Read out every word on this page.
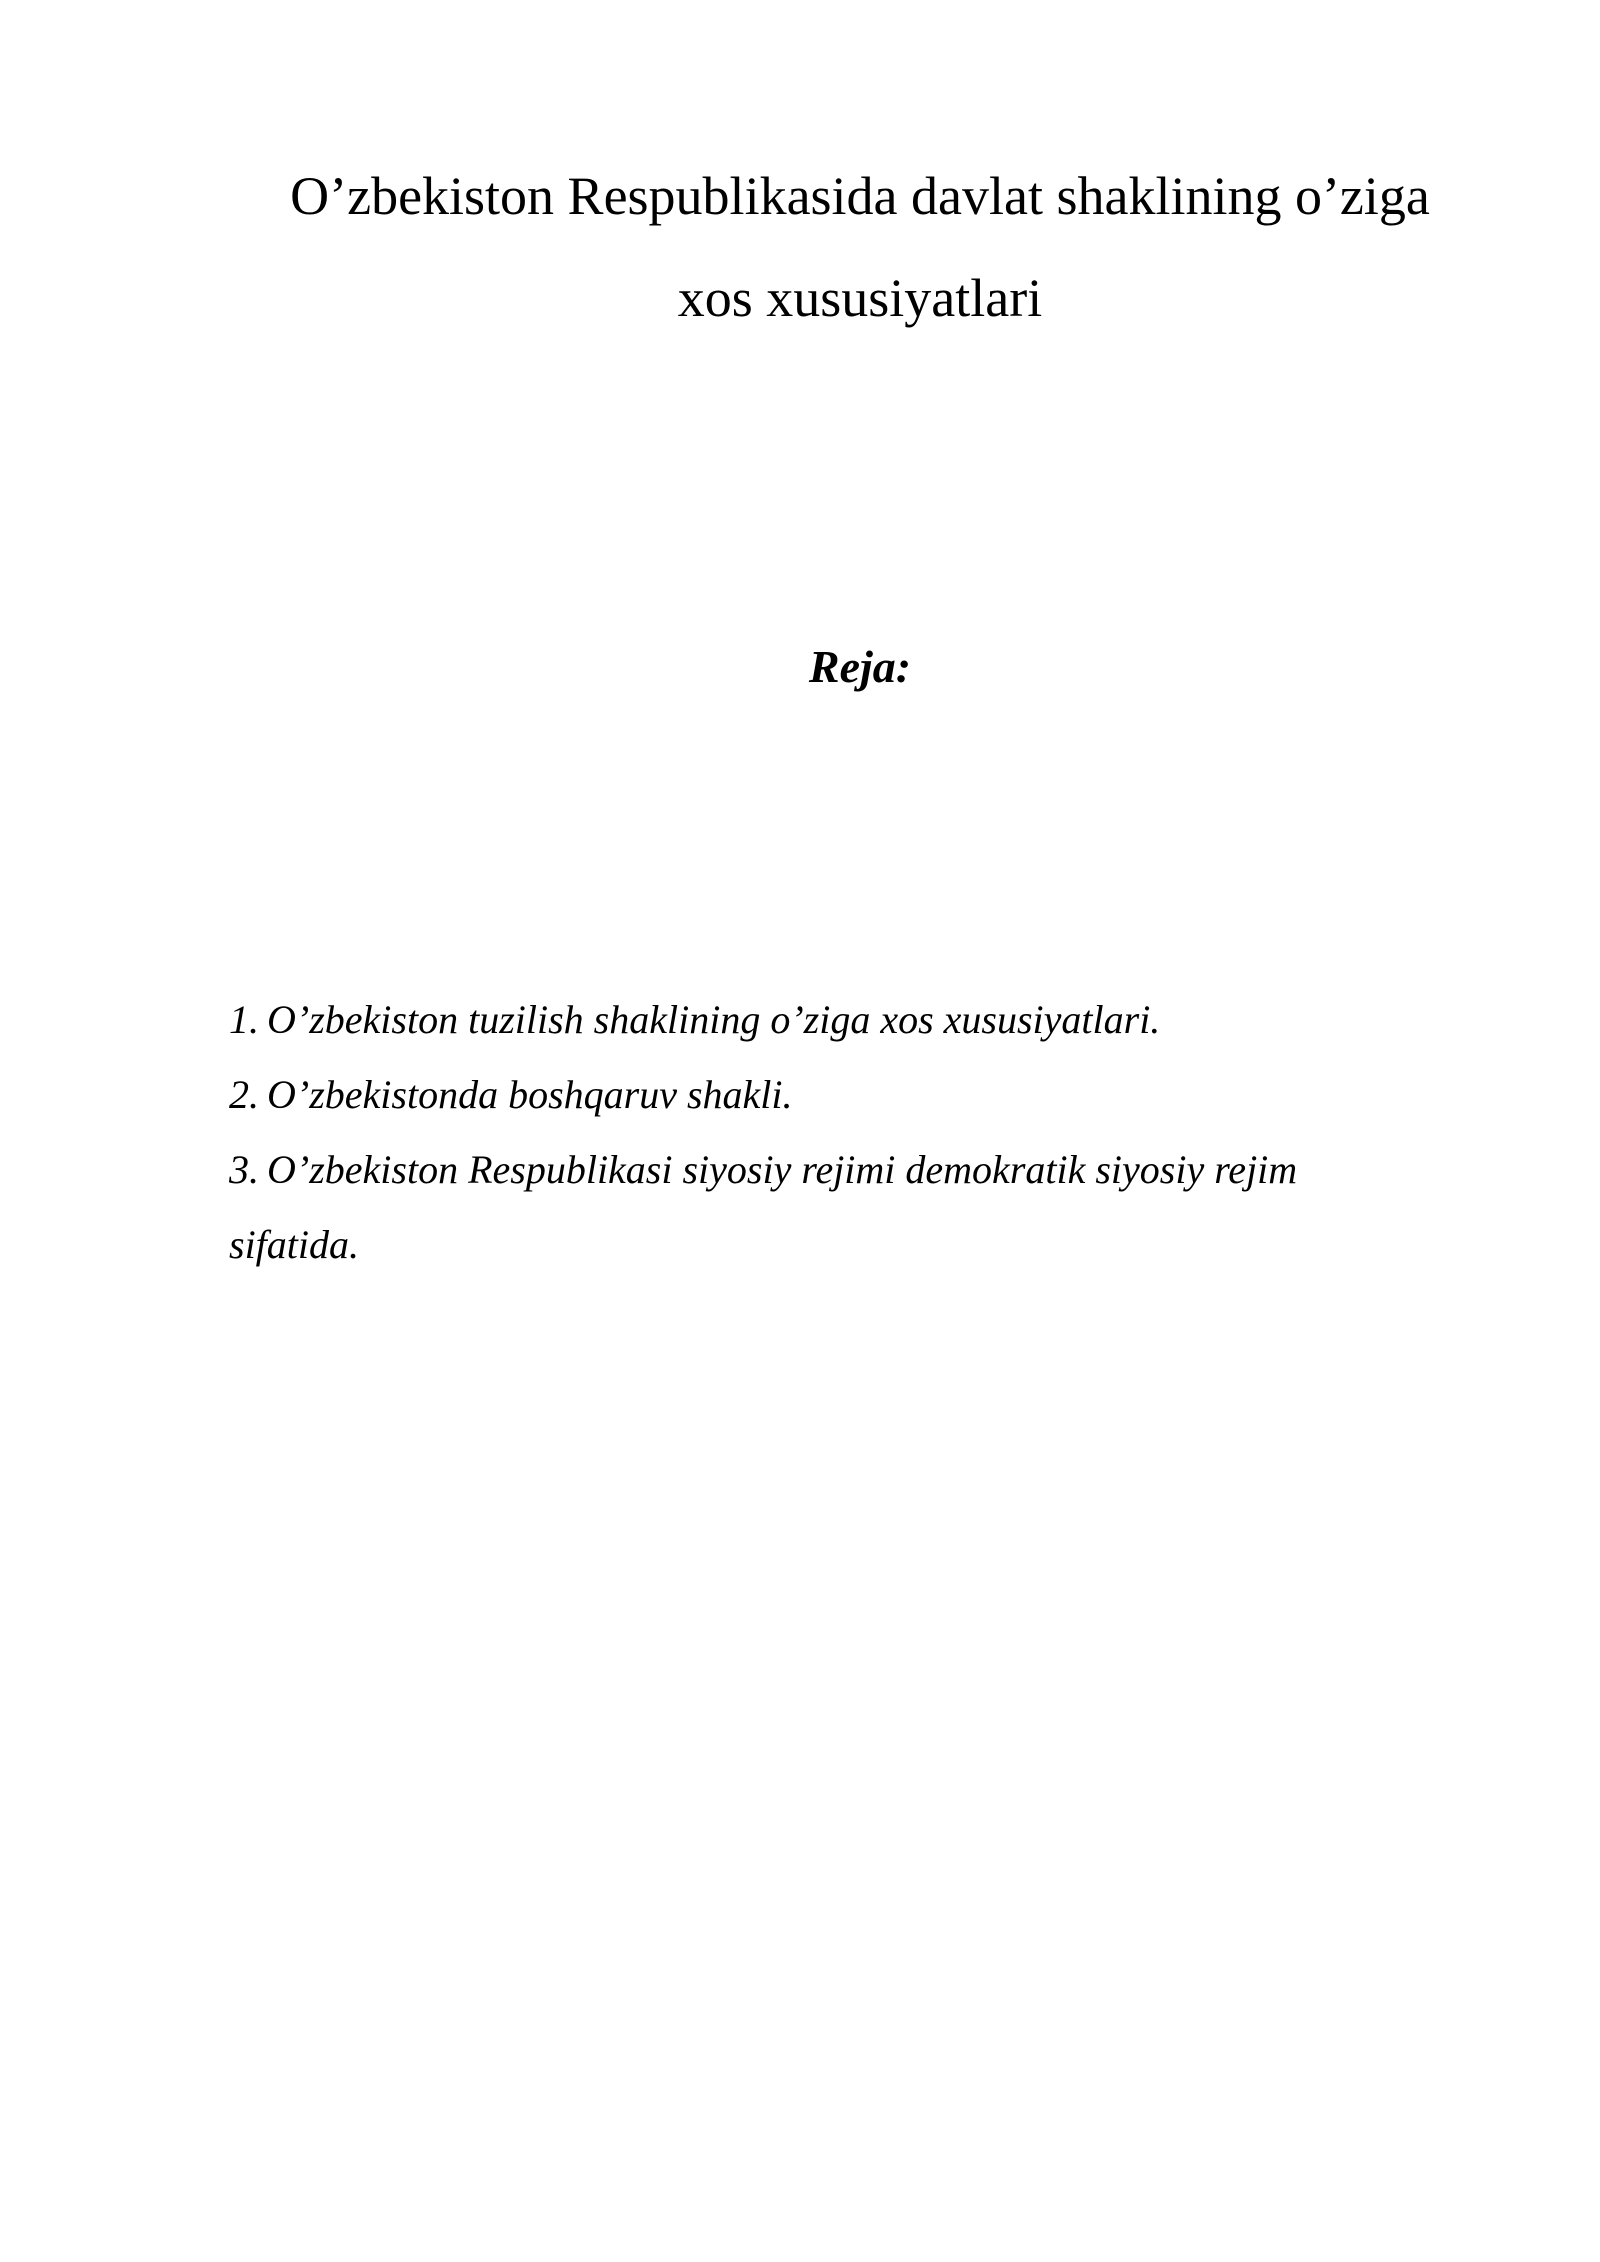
O’zbekiston Respublikasida davlat shaklining o’ziga
xos xususiyatlari
Reja:
1. O’zbekiston tuzilish shaklining o’ziga xos xususiyatlari.
2. O’zbekistonda boshqaruv shakli.
3. O’zbekiston Respublikasi siyosiy rejimi demokratik siyosiy rejim
sifatida.
